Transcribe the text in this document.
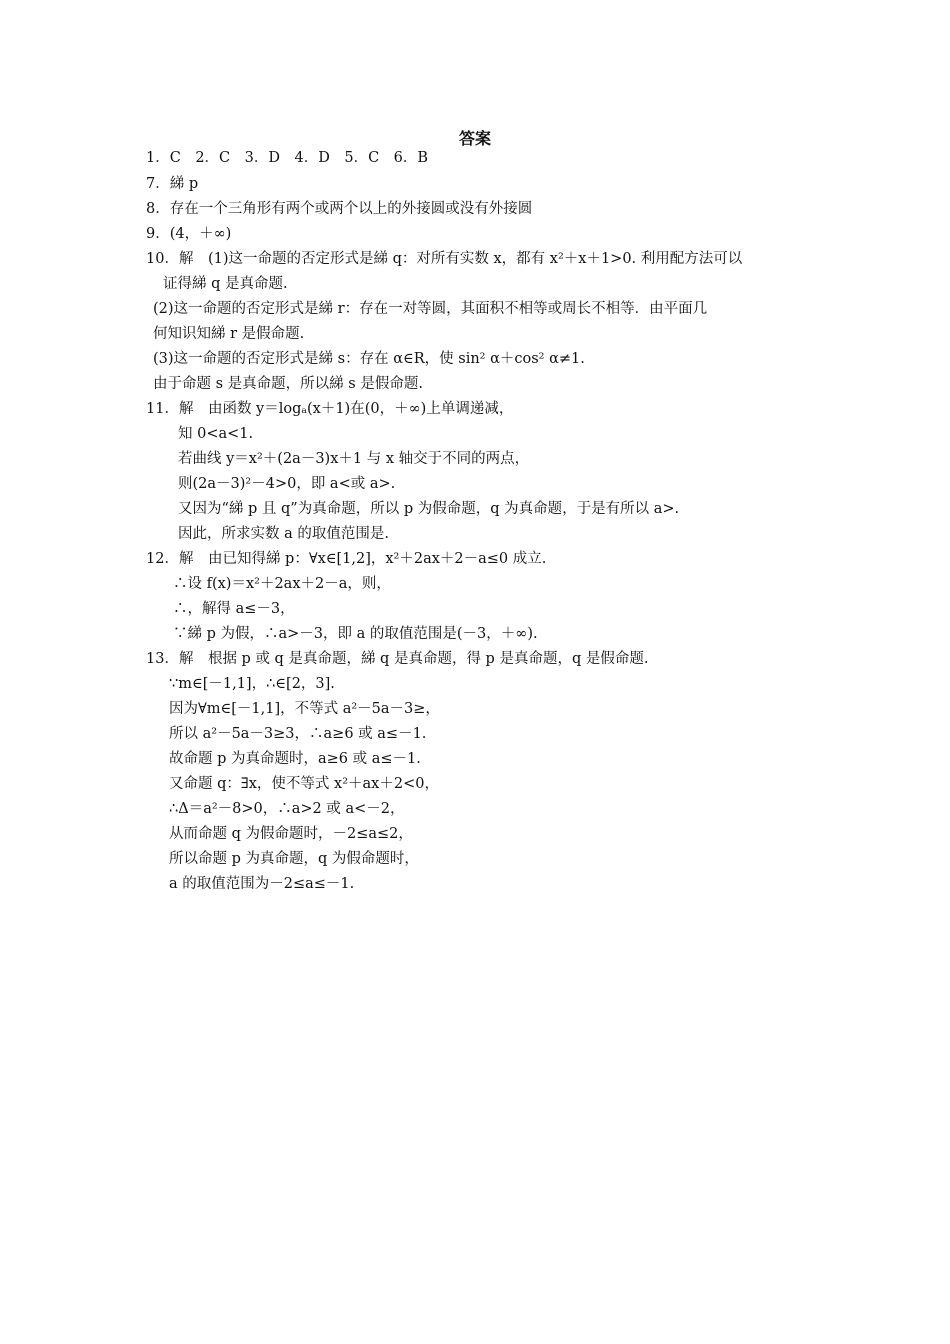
答案
1．C　2．C　3．D　4．D　5．C　6．B
7．綈 p
8．存在一个三角形有两个或两个以上的外接圆或没有外接圆
9．(4，＋∞)
10．解　(1)这一命题的否定形式是綈 q：对所有实数 x，都有 x²＋x＋1>0. 利用配方法可以
证得綈 q 是真命题.
(2)这一命题的否定形式是綈 r：存在一对等圆，其面积不相等或周长不相等．由平面几
何知识知綈 r 是假命题.
(3)这一命题的否定形式是綈 s：存在 α∈R，使 sin² α＋cos² α≠1.
由于命题 s 是真命题，所以綈 s 是假命题.
11．解　由函数 y＝logₐ(x＋1)在(0，＋∞)上单调递减，
知 0<a<1.
若曲线 y＝x²＋(2a－3)x＋1 与 x 轴交于不同的两点，
则(2a－3)²－4>0，即 a<或 a>.
又因为“綈 p 且 q”为真命题，所以 p 为假命题，q 为真命题，于是有所以 a>.
因此，所求实数 a 的取值范围是.
12．解　由已知得綈 p：∀x∈[1,2]，x²＋2ax＋2－a≤0 成立.
∴设 f(x)＝x²＋2ax＋2－a，则，
∴，解得 a≤－3，
∵綈 p 为假，∴a>－3，即 a 的取值范围是(－3，＋∞).
13．解　根据 p 或 q 是真命题，綈 q 是真命题，得 p 是真命题，q 是假命题.
∵m∈[－1,1]，∴∈[2，3].
因为∀m∈[－1,1]，不等式 a²－5a－3≥，
所以 a²－5a－3≥3，∴a≥6 或 a≤－1.
故命题 p 为真命题时，a≥6 或 a≤－1.
又命题 q：∃x，使不等式 x²＋ax＋2<0，
∴Δ＝a²－8>0，∴a>2 或 a<－2，
从而命题 q 为假命题时，－2≤a≤2，
所以命题 p 为真命题，q 为假命题时，
a 的取值范围为－2≤a≤－1.
